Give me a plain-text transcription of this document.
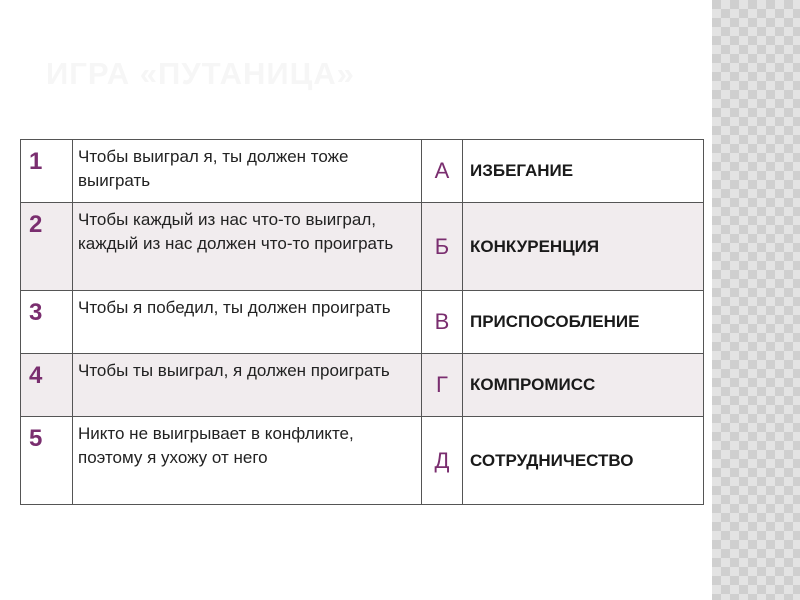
ИГРА «ПУТАНИЦА»
1	Чтобы выиграл я, ты должен тоже выиграть	А	ИЗБЕГАНИЕ
2	Чтобы каждый из нас что-то выиграл, каждый из нас должен что-то проиграть	Б	КОНКУРЕНЦИЯ
3	Чтобы я победил, ты должен проиграть	В	ПРИСПОСОБЛЕНИЕ
4	Чтобы ты выиграл, я должен проиграть	Г	КОМПРОМИСС
5	Никто не выигрывает в конфликте, поэтому я ухожу от него	Д	СОТРУДНИЧЕСТВО
